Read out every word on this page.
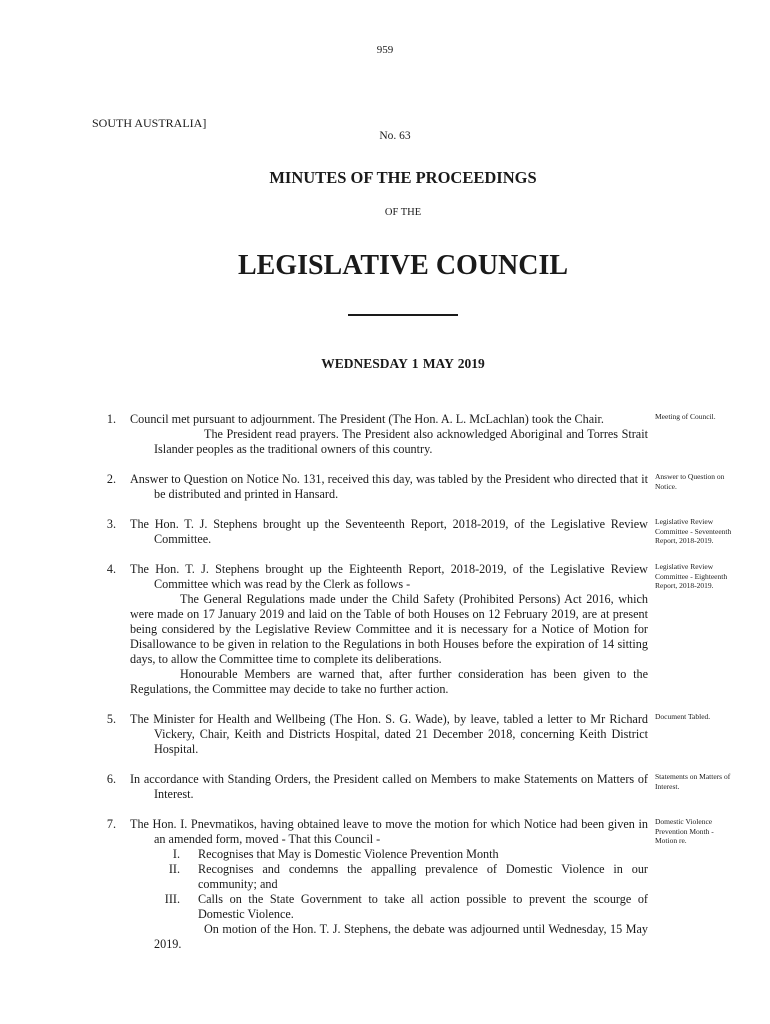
959
SOUTH AUSTRALIA]
No. 63
MINUTES OF THE PROCEEDINGS
OF THE
LEGISLATIVE COUNCIL
WEDNESDAY 1 MAY 2019
1. Council met pursuant to adjournment. The President (The Hon. A. L. McLachlan) took the Chair.
The President read prayers. The President also acknowledged Aboriginal and Torres Strait Islander peoples as the traditional owners of this country.
Meeting of Council.
2. Answer to Question on Notice No. 131, received this day, was tabled by the President who directed that it be distributed and printed in Hansard.
Answer to Question on Notice.
3. The Hon. T. J. Stephens brought up the Seventeenth Report, 2018-2019, of the Legislative Review Committee.
Legislative Review Committee - Seventeenth Report, 2018-2019.
4. The Hon. T. J. Stephens brought up the Eighteenth Report, 2018-2019, of the Legislative Review Committee which was read by the Clerk as follows -
The General Regulations made under the Child Safety (Prohibited Persons) Act 2016, which were made on 17 January 2019 and laid on the Table of both Houses on 12 February 2019, are at present being considered by the Legislative Review Committee and it is necessary for a Notice of Motion for Disallowance to be given in relation to the Regulations in both Houses before the expiration of 14 sitting days, to allow the Committee time to complete its deliberations.
Honourable Members are warned that, after further consideration has been given to the Regulations, the Committee may decide to take no further action.
Legislative Review Committee - Eighteenth Report, 2018-2019.
5. The Minister for Health and Wellbeing (The Hon. S. G. Wade), by leave, tabled a letter to Mr Richard Vickery, Chair, Keith and Districts Hospital, dated 21 December 2018, concerning Keith District Hospital.
Document Tabled.
6. In accordance with Standing Orders, the President called on Members to make Statements on Matters of Interest.
Statements on Matters of Interest.
7. The Hon. I. Pnevmatikos, having obtained leave to move the motion for which Notice had been given in an amended form, moved - That this Council -
I. Recognises that May is Domestic Violence Prevention Month
II. Recognises and condemns the appalling prevalence of Domestic Violence in our community; and
III. Calls on the State Government to take all action possible to prevent the scourge of Domestic Violence.
On motion of the Hon. T. J. Stephens, the debate was adjourned until Wednesday, 15 May 2019.
Domestic Violence Prevention Month - Motion re.
